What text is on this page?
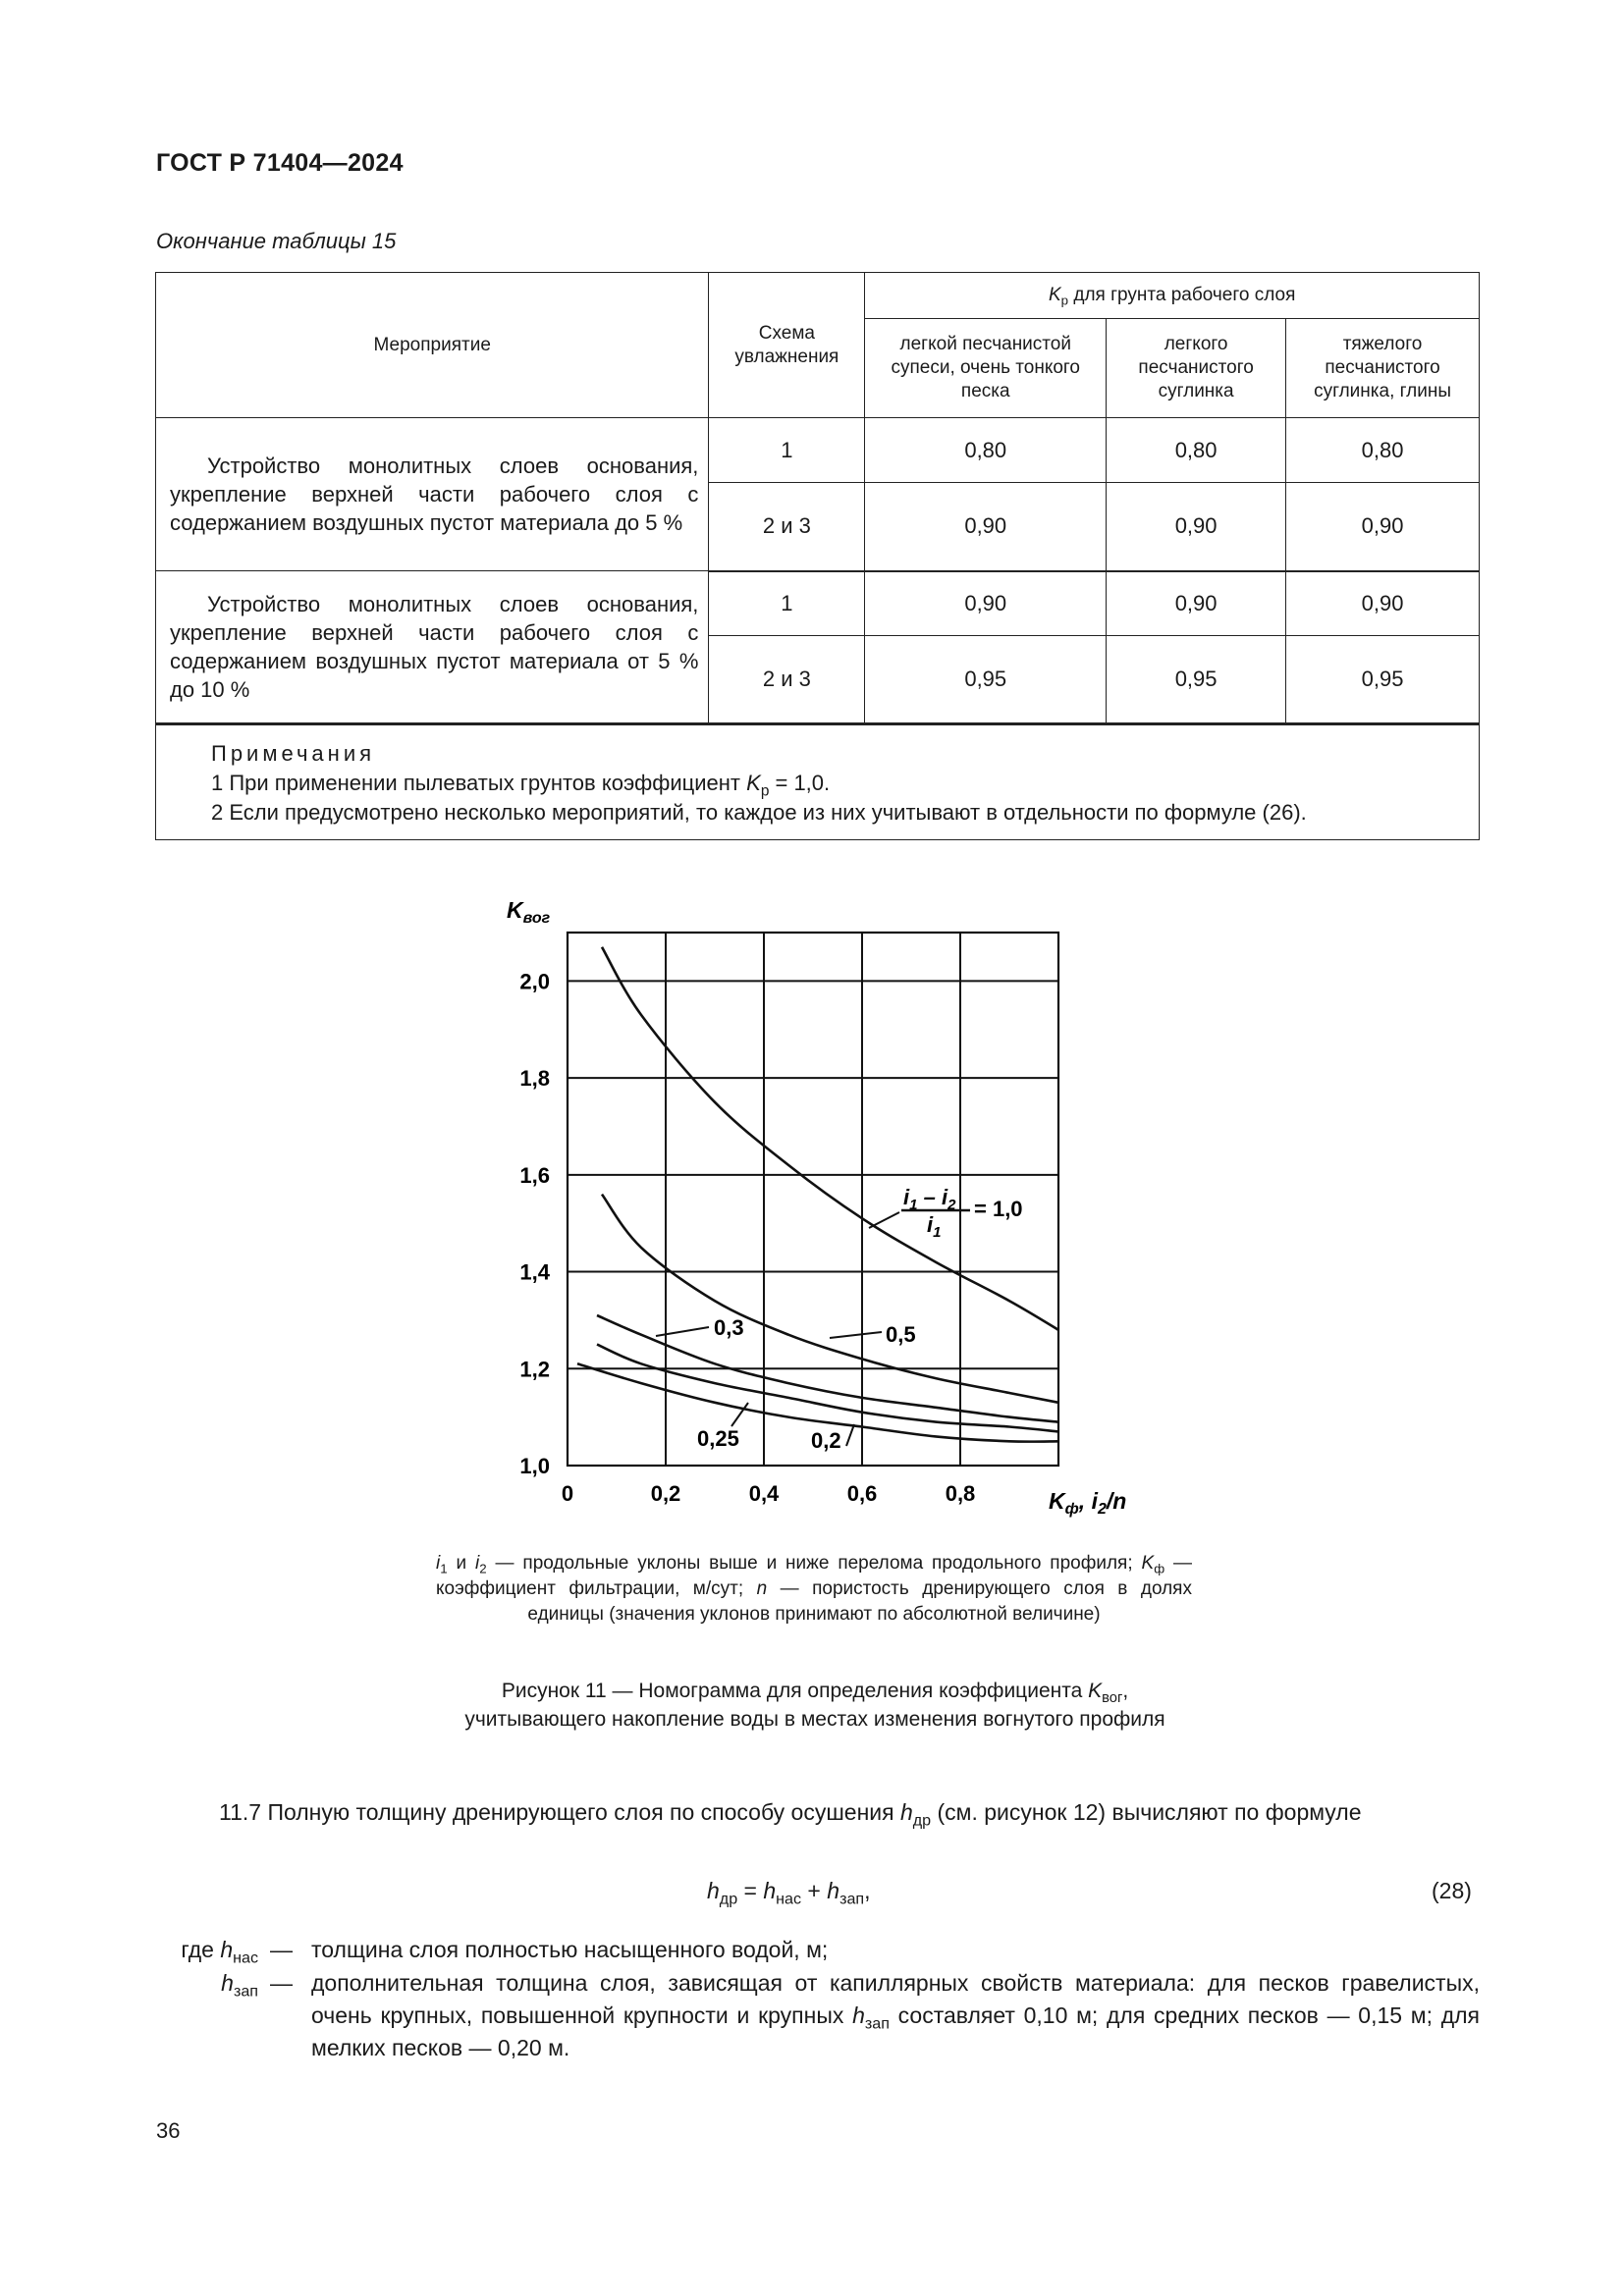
ГОСТ Р 71404—2024
Окончание таблицы 15
Мероприятие	Схема увлажнения	$K_р$ для грунта рабочего слоя		
		легкой песчанистой супеси, очень тонкого песка	легкого песчанистого суглинка	тяжелого песчанистого суглинка, глины
Устройство монолитных слоев основания, укрепление верхней части рабочего слоя с содержанием воздушных пустот материала до 5 %	1	0,80	0,80	0,80
	2 и 3	0,90	0,90	0,90
Устройство монолитных слоев основания, укрепление верхней части рабочего слоя с содержанием воздушных пустот материала от 5 % до 10 %	1	0,90	0,90	0,90
	2 и 3	0,95	0,95	0,95

Примечания
1 При применении пылеватых грунтов коэффициент $K_р = 1,0$.
2 Если предусмотрено несколько мероприятий, то каждое из них учитывают в отдельности по формуле (26).				
0	0,2	0,4	0,6	0,8
1,0
1,2
1,4
1,6
1,8
2,0
$K_{вог}$
$K_ф$, $i_2/n$
$i_1 - i_2$
$i_1$
= 1,0
0,5
0,3
0,25	0,2
$i_1$ и $i_2$ — продольные уклоны выше и ниже перелома продольного профиля; $K_ф$ — коэффициент фильтрации, м/сут; n — пористость дренирующего слоя в долях единицы (значения уклонов принимают по абсолютной величине)
Рисунок 11 — Номограмма для определения коэффициента $K_{вог}$,
учитывающего накопление воды в местах изменения вогнутого профиля
11.7 Полную толщину дренирующего слоя по способу осушения $h_{др}$ (см. рисунок 12) вычисляют по формуле
$h_{др} = h_{нас} + h_{зап}$,	(28)
где $h_{нас}$ — толщина слоя полностью насыщенного водой, м;
$h_{зап}$ — дополнительная толщина слоя, зависящая от капиллярных свойств материала: для песков гравелистых, очень крупных, повышенной крупности и крупных $h_{зап}$ составляет 0,10 м; для средних песков — 0,15 м; для мелких песков — 0,20 м.
36
